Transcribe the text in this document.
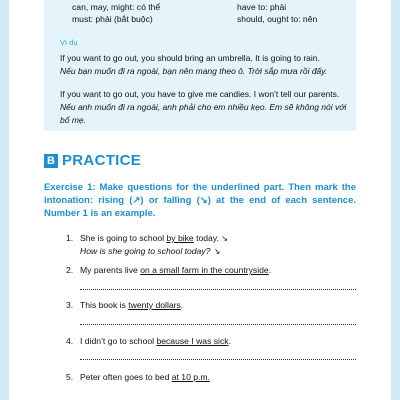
can, may, might: có thể	have to: phải
must: phải (bắt buộc)	should, ought to: nên
Ví dụ
If you want to go out, you should bring an umbrella. It is going to rain.
Nếu bạn muốn đi ra ngoài, bạn nên mang theo ô. Trời sắp mưa rồi đấy.
If you want to go out, you have to give me candies. I won’t tell our parents.
Nếu anh muốn đi ra ngoài, anh phải cho em nhiều kẹo. Em sẽ không nói với bố mẹ.
B PRACTICE
Exercise 1: Make questions for the underlined part. Then mark the intonation: rising (↗) or falling (↘) at the end of each sentence. Number 1 is an example.
1. She is going to school by bike today. ↘
How is she going to school today? ↘
2. My parents live on a small farm in the countryside.
3. This book is twenty dollars.
4. I didn’t go to school because I was sick.
5. Peter often goes to bed at 10 p.m.
